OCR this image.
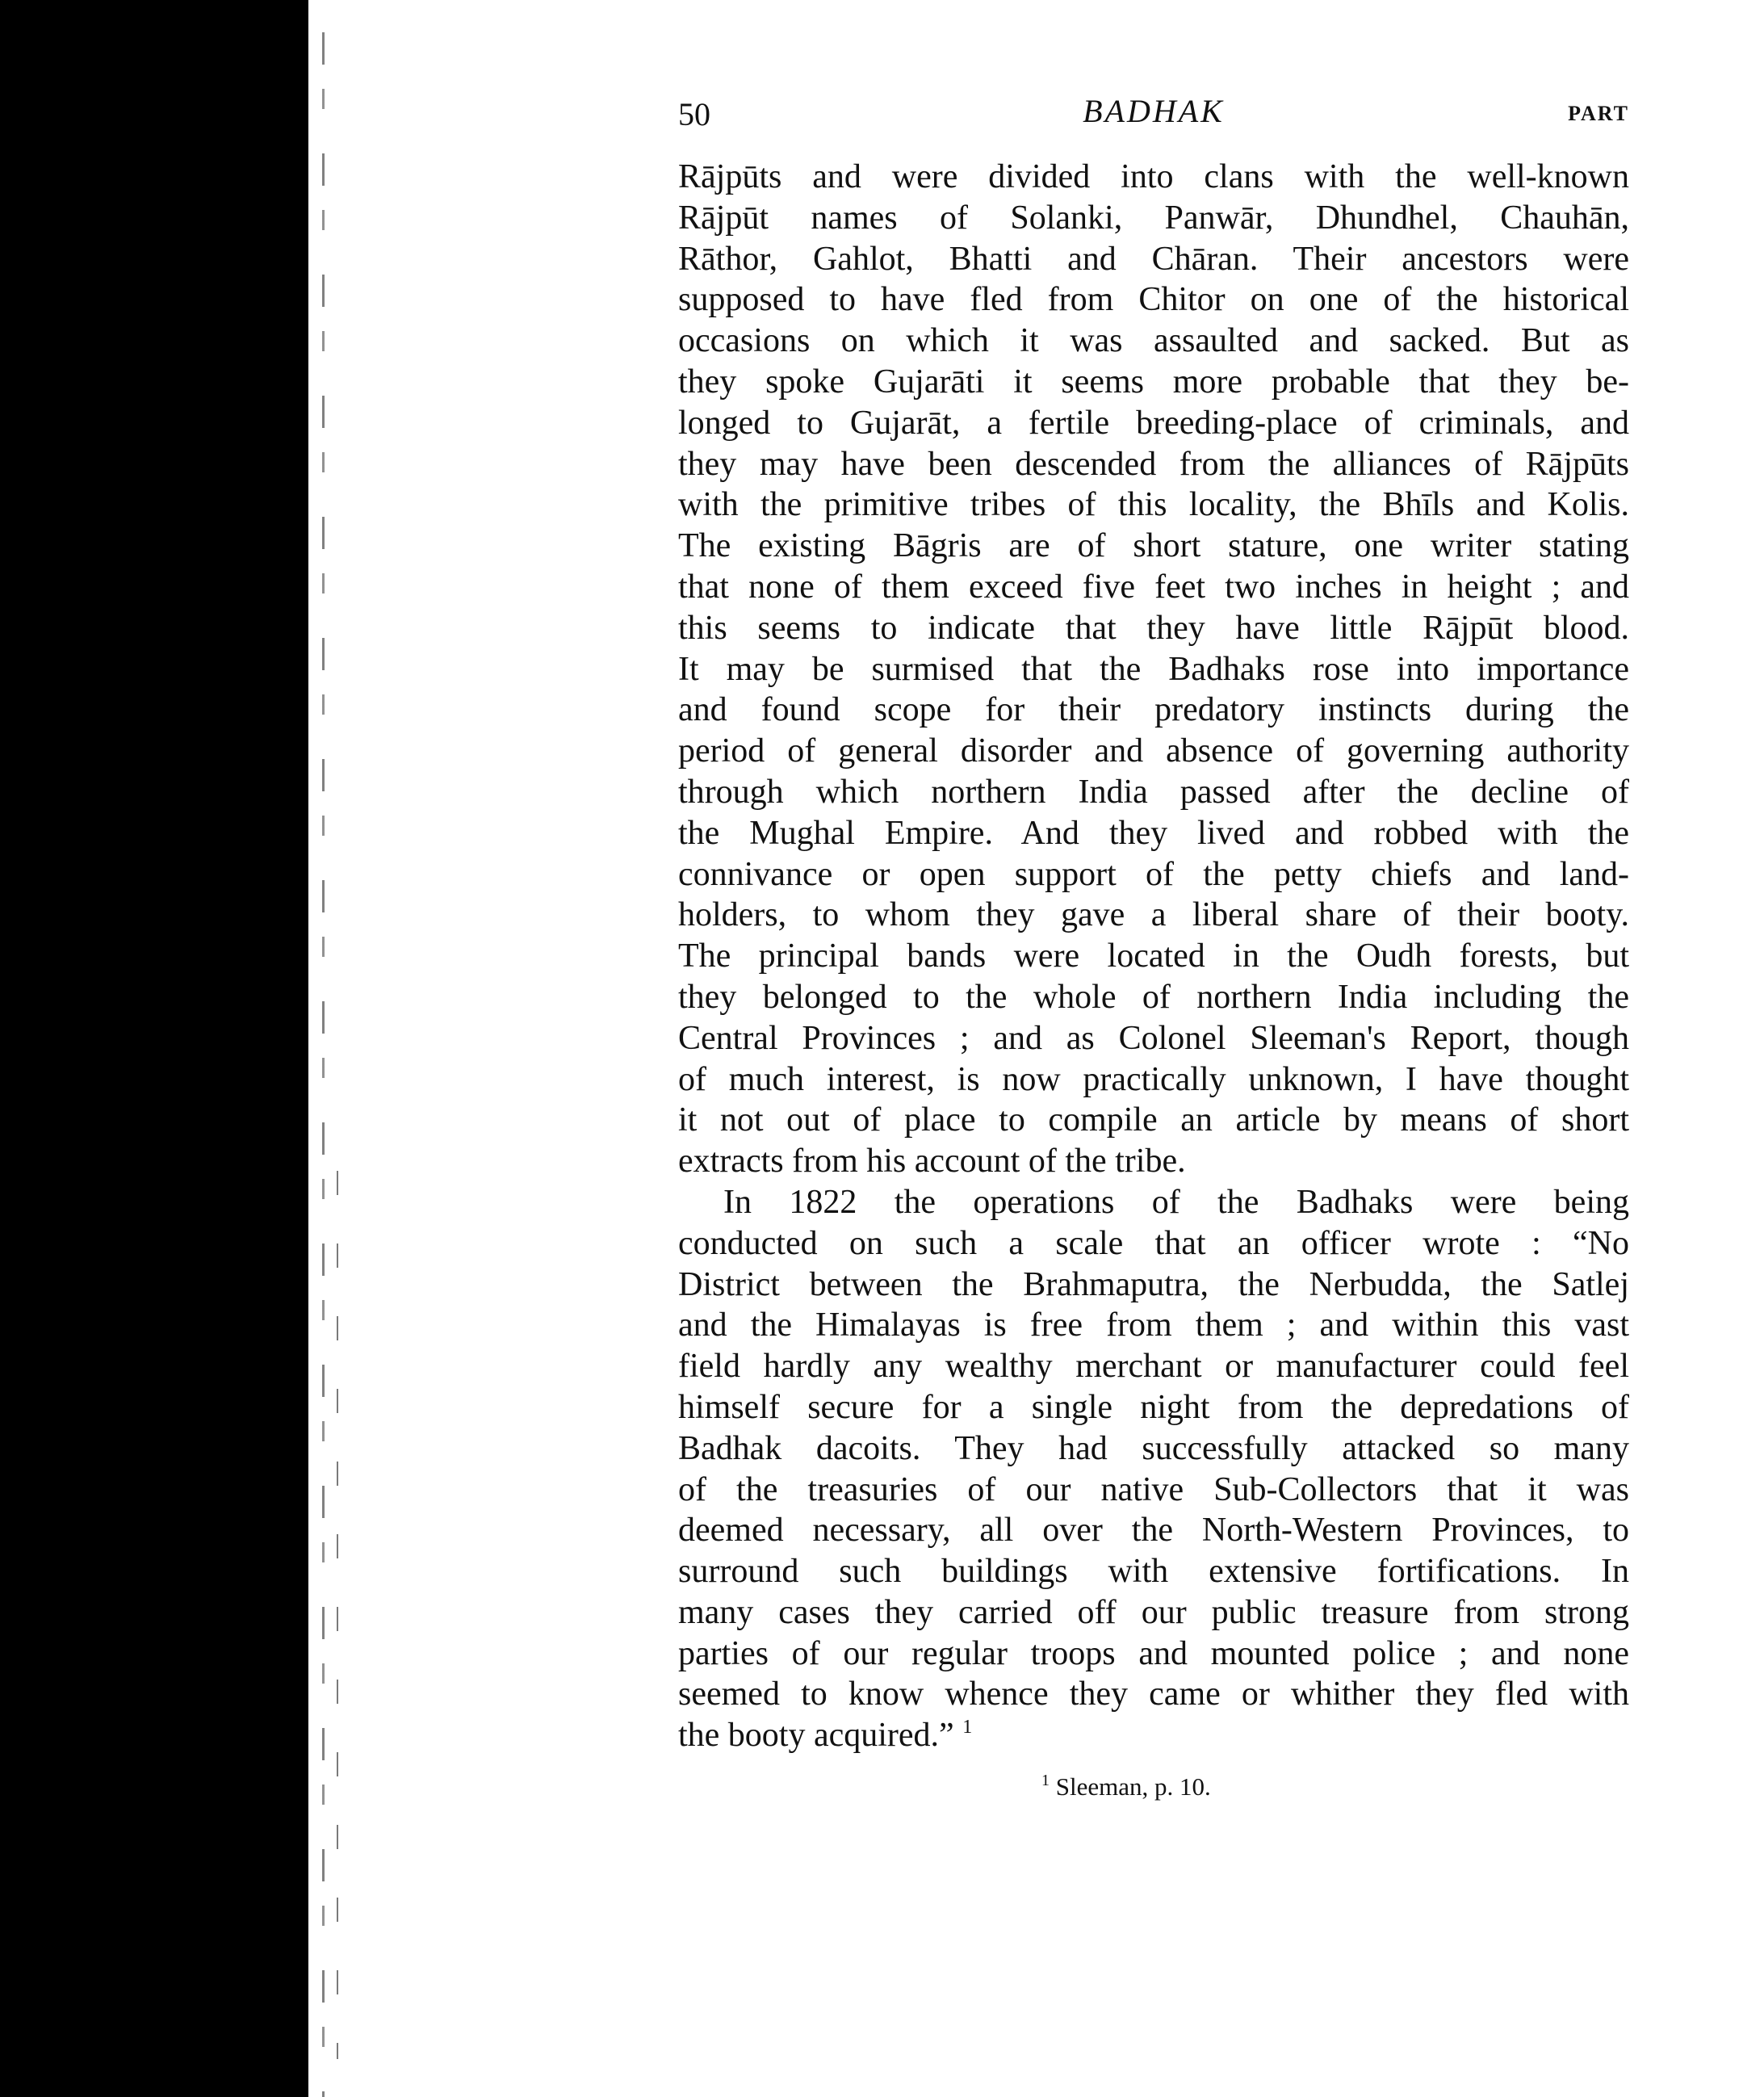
50	BADHAK	PART
Rājpūts and were divided into clans with the well-known
Rājpūt names of Solanki, Panwār, Dhundhel, Chauhān,
Rāthor, Gahlot, Bhatti and Chāran. Their ancestors were
supposed to have fled from Chitor on one of the historical
occasions on which it was assaulted and sacked. But as
they spoke Gujarāti it seems more probable that they be-
longed to Gujarāt, a fertile breeding-place of criminals, and
they may have been descended from the alliances of Rājpūts
with the primitive tribes of this locality, the Bhīls and Kolis.
The existing Bāgris are of short stature, one writer stating
that none of them exceed five feet two inches in height ; and
this seems to indicate that they have little Rājpūt blood.
It may be surmised that the Badhaks rose into importance
and found scope for their predatory instincts during the
period of general disorder and absence of governing authority
through which northern India passed after the decline of
the Mughal Empire. And they lived and robbed with the
connivance or open support of the petty chiefs and land-
holders, to whom they gave a liberal share of their booty.
The principal bands were located in the Oudh forests, but
they belonged to the whole of northern India including the
Central Provinces ; and as Colonel Sleeman's Report, though
of much interest, is now practically unknown, I have thought
it not out of place to compile an article by means of short
extracts from his account of the tribe.
In 1822 the operations of the Badhaks were being
conducted on such a scale that an officer wrote : “No
District between the Brahmaputra, the Nerbudda, the Satlej
and the Himalayas is free from them ; and within this vast
field hardly any wealthy merchant or manufacturer could feel
himself secure for a single night from the depredations of
Badhak dacoits. They had successfully attacked so many
of the treasuries of our native Sub-Collectors that it was
deemed necessary, all over the North-Western Provinces, to
surround such buildings with extensive fortifications. In
many cases they carried off our public treasure from strong
parties of our regular troops and mounted police ; and none
seemed to know whence they came or whither they fled with
the booty acquired.” $^1$
$^1$ Sleeman, p. 10.
